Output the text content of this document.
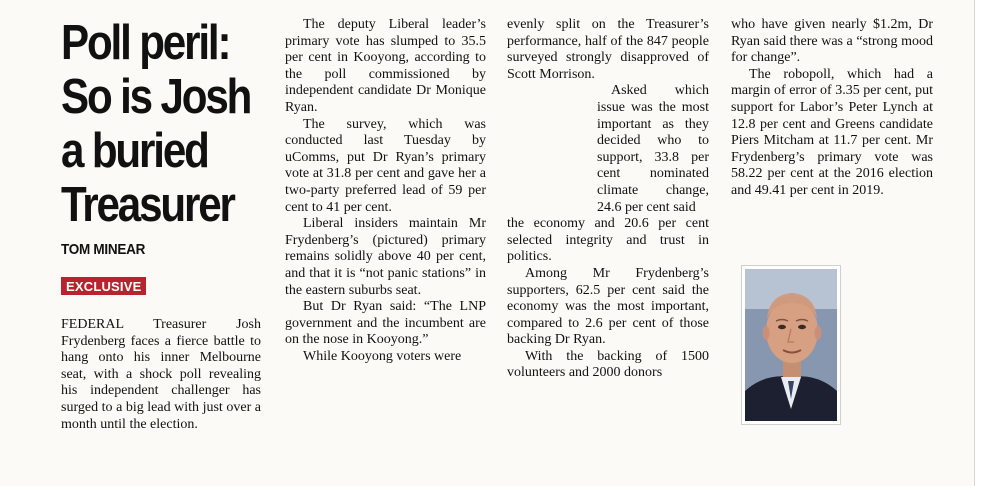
Poll peril:
So is Josh
a buried
Treasurer
TOM MINEAR
EXCLUSIVE

FEDERAL Treasurer Josh Frydenberg faces a fierce battle to hang onto his inner Melbourne seat, with a shock poll revealing his independent challenger has surged to a big lead with just over a month until the election.

The deputy Liberal leader’s primary vote has slumped to 35.5 per cent in Kooyong, according to the poll commissioned by independent candidate Dr Monique Ryan.

The survey, which was conducted last Tuesday by uComms, put Dr Ryan’s primary vote at 31.8 per cent and gave her a two-party preferred lead of 59 per cent to 41 per cent.

Liberal insiders maintain Mr Frydenberg’s (pictured) primary remains solidly above 40 per cent, and that it is “not panic stations” in the eastern suburbs seat.

But Dr Ryan said: “The LNP government and the incumbent are on the nose in Kooyong.”

While Kooyong voters were

evenly split on the Treasurer’s performance, half of the 847 people surveyed strongly disapproved of Scott Morrison.

Asked which issue was the most important as they decided who to support, 33.8 per cent nominated climate change, 24.6 per cent said

the economy and 20.6 per cent selected integrity and trust in politics.

Among Mr Frydenberg’s supporters, 62.5 per cent said the economy was the most important, compared to 2.6 per cent of those backing Dr Ryan.

With the backing of 1500 volunteers and 2000 donors

who have given nearly $1.2m, Dr Ryan said there was a “strong mood for change”.

The robopoll, which had a margin of error of 3.35 per cent, put support for Labor’s Peter Lynch at 12.8 per cent and Greens candidate Piers Mitcham at 11.7 per cent. Mr Frydenberg’s primary vote was 58.22 per cent at the 2016 election and 49.41 per cent in 2019.
